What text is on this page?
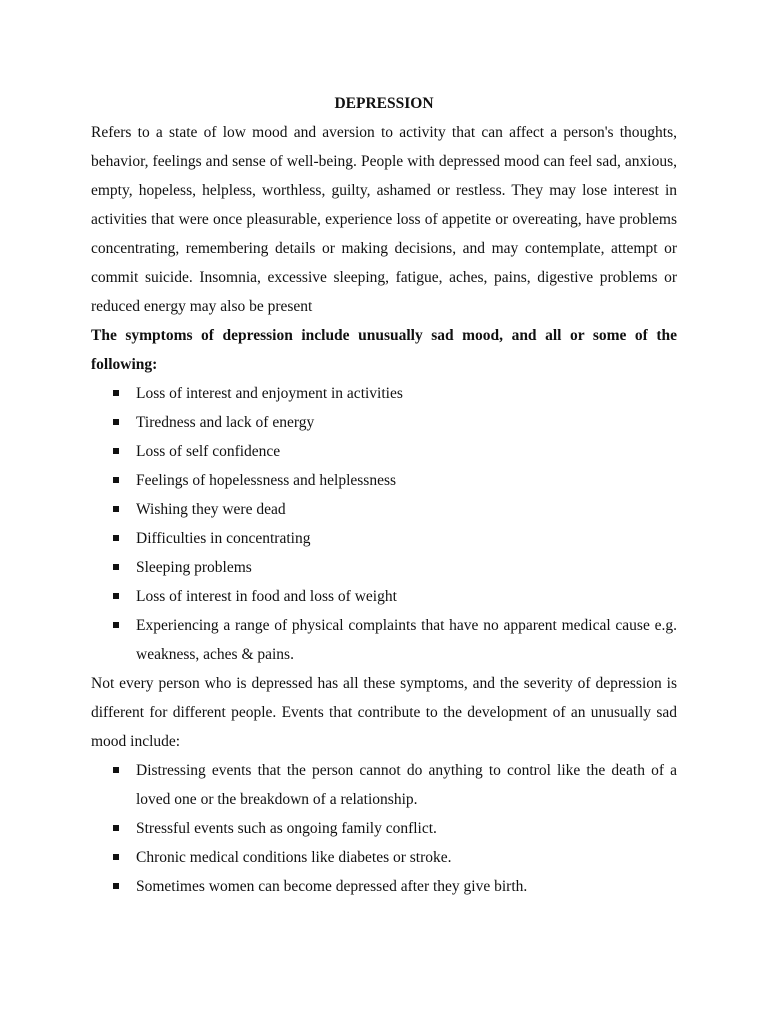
DEPRESSION

Refers to a state of low mood and aversion to activity that can affect a person's thoughts, behavior, feelings and sense of well-being. People with depressed mood can feel sad, anxious, empty, hopeless, helpless, worthless, guilty, ashamed or restless. They may lose interest in activities that were once pleasurable, experience loss of appetite or overeating, have problems concentrating, remembering details or making decisions, and may contemplate, attempt or commit suicide. Insomnia, excessive sleeping, fatigue, aches, pains, digestive problems or reduced energy may also be present

The symptoms of depression include unusually sad mood, and all or some of the following:

Loss of interest and enjoyment in activities
Tiredness and lack of energy
Loss of self confidence
Feelings of hopelessness and helplessness
Wishing they were dead
Difficulties in concentrating
Sleeping problems
Loss of interest in food and loss of weight
Experiencing a range of physical complaints that have no apparent medical cause e.g. weakness, aches & pains.

Not every person who is depressed has all these symptoms, and the severity of depression is different for different people. Events that contribute to the development of an unusually sad mood include:

Distressing events that the person cannot do anything to control like the death of a loved one or the breakdown of a relationship.
Stressful events such as ongoing family conflict.
Chronic medical conditions like diabetes or stroke.
Sometimes women can become depressed after they give birth.
